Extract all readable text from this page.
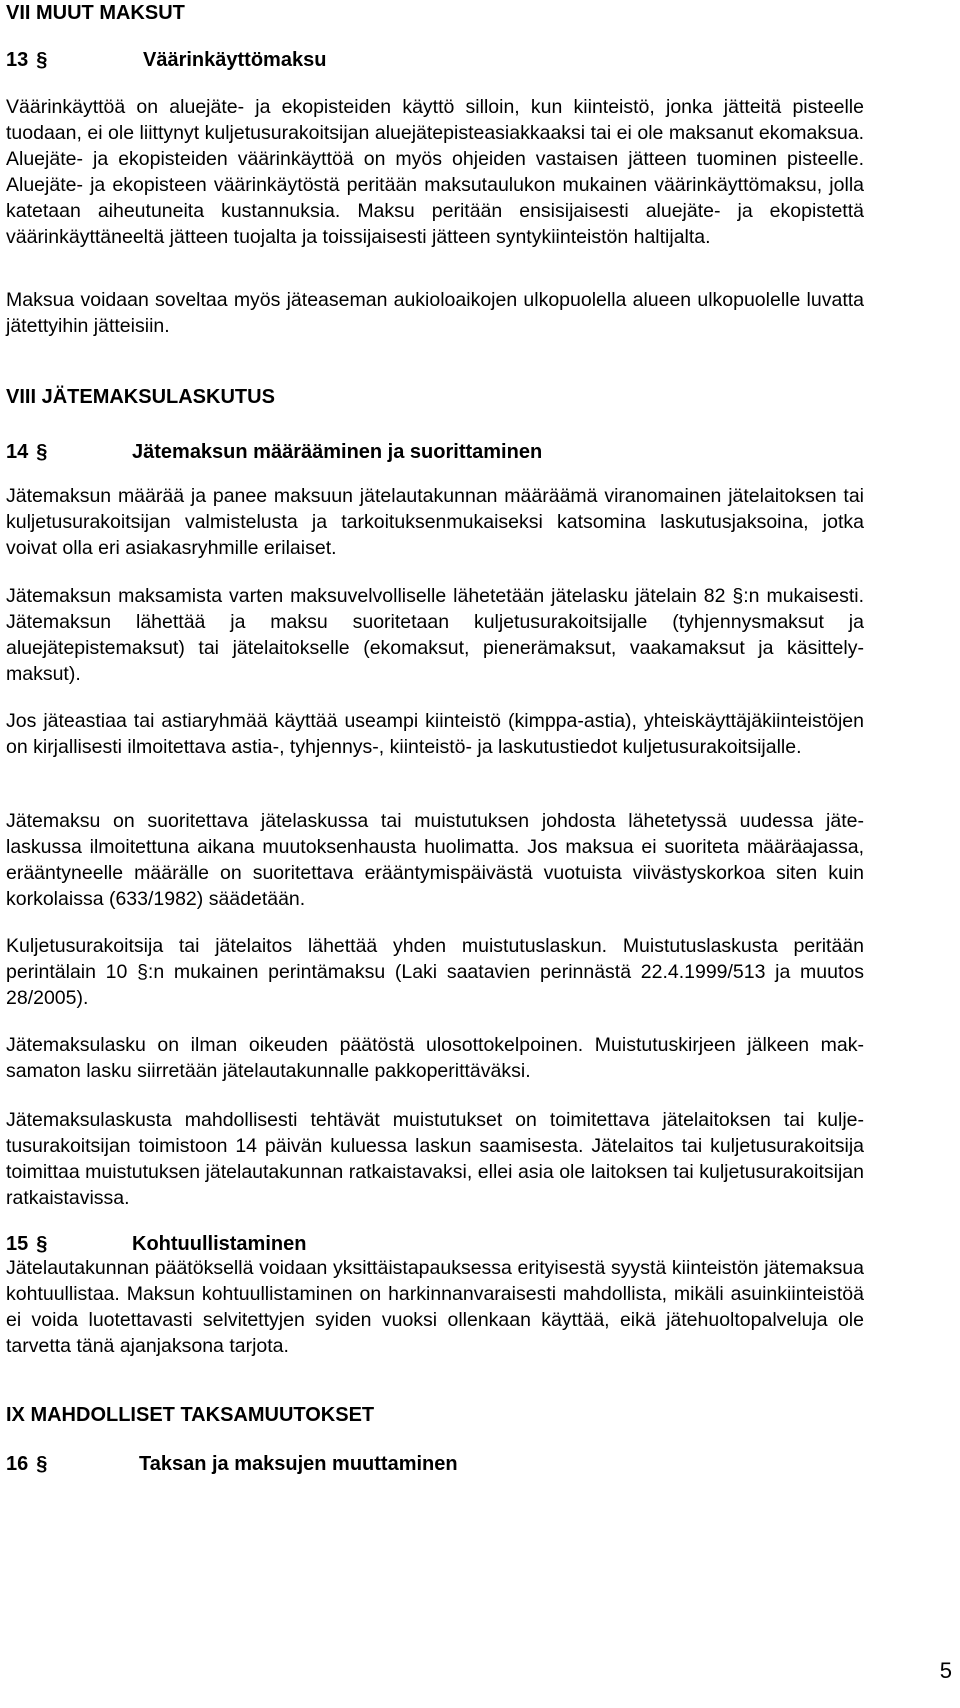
VII MUUT MAKSUT
13 §	Väärinkäyttömaksu

Väärinkäyttöä on aluejäte- ja ekopisteiden käyttö silloin, kun kiinteistö, jonka jätteitä pisteelle tuodaan, ei ole liittynyt kuljetusurakoitsijan aluejätepisteasiakkaaksi tai ei ole maksanut ekomaksua. Aluejäte- ja ekopisteiden väärinkäyttöä on myös ohjeiden vastaisen jätteen tuominen pisteelle. Aluejäte- ja ekopisteen väärinkäytöstä peritään maksutaulukon mukainen väärinkäyttömaksu, jolla katetaan aiheutuneita kustannuksia. Maksu peritään ensisijaisesti aluejäte- ja ekopistettä väärinkäyttäneeltä jätteen tuojalta ja toissijaisesti jätteen syntykiinteistön haltijalta.

Maksua voidaan soveltaa myös jäteaseman aukioloaikojen ulkopuolella alueen ulkopuolelle luvatta jätettyihin jätteisiin.

VIII JÄTEMAKSULASKUTUS
14 §	Jätemaksun määrääminen ja suorittaminen

Jätemaksun määrää ja panee maksuun jätelautakunnan määräämä viranomainen jätelaitoksen tai kuljetusurakoitsijan valmistelusta ja tarkoituksenmukaiseksi katsomina laskutusjaksoina, jotka voivat olla eri asiakasryhmille erilaiset.

Jätemaksun maksamista varten maksuvelvolliselle lähetetään jätelasku jätelain 82 §:n mukaisesti. Jätemaksun lähettää ja maksu suoritetaan kuljetusurakoitsijalle (tyhjennysmaksut ja aluejätepistemaksut) tai jätelaitokselle (ekomaksut, pienerämaksut, vaakamaksut ja käsittelymaksut).

Jos jäteastiaa tai astiaryhmää käyttää useampi kiinteistö (kimppa-astia), yhteiskäyttäjäkiinteistöjen on kirjallisesti ilmoitettava astia-, tyhjennys-, kiinteistö- ja laskutustiedot kuljetusurakoitsijalle.

Jätemaksu on suoritettava jätelaskussa tai muistutuksen johdosta lähetetyssä uudessa jätelaskussa ilmoitettuna aikana muutoksenhausta huolimatta. Jos maksua ei suoriteta määräajassa, erääntyneelle määrälle on suoritettava erääntymispäivästä vuotuista viivästyskorkoa siten kuin korkolaissa (633/1982) säädetään.

Kuljetusurakoitsija tai jätelaitos lähettää yhden muistutuslaskun. Muistutuslaskusta peritään perintälain 10 §:n mukainen perintämaksu (Laki saatavien perinnästä 22.4.1999/513 ja muutos 28/2005).

Jätemaksulasku on ilman oikeuden päätöstä ulosottokelpoinen. Muistutuskirjeen jälkeen maksamaton lasku siirretään jätelautakunnalle pakkoperittäväksi.

Jätemaksulaskusta mahdollisesti tehtävät muistutukset on toimitettava jätelaitoksen tai kuljetusurakoitsijan toimistoon 14 päivän kuluessa laskun saamisesta. Jätelaitos tai kuljetusurakoitsija toimittaa muistutuksen jätelautakunnan ratkaistavaksi, ellei asia ole laitoksen tai kuljetusurakoitsijan ratkaistavissa.

15 §	Kohtuullistaminen

Jätelautakunnan päätöksellä voidaan yksittäistapauksessa erityisestä syystä kiinteistön jätemaksua kohtuullistaa. Maksun kohtuullistaminen on harkinnanvaraisesti mahdollista, mikäli asuinkiinteistöä ei voida luotettavasti selvitettyjen syiden vuoksi ollenkaan käyttää, eikä jätehuoltopalveluja ole tarvetta tänä ajanjaksona tarjota.

IX MAHDOLLISET TAKSAMUUTOKSET
16 §	Taksan ja maksujen muuttaminen
5
